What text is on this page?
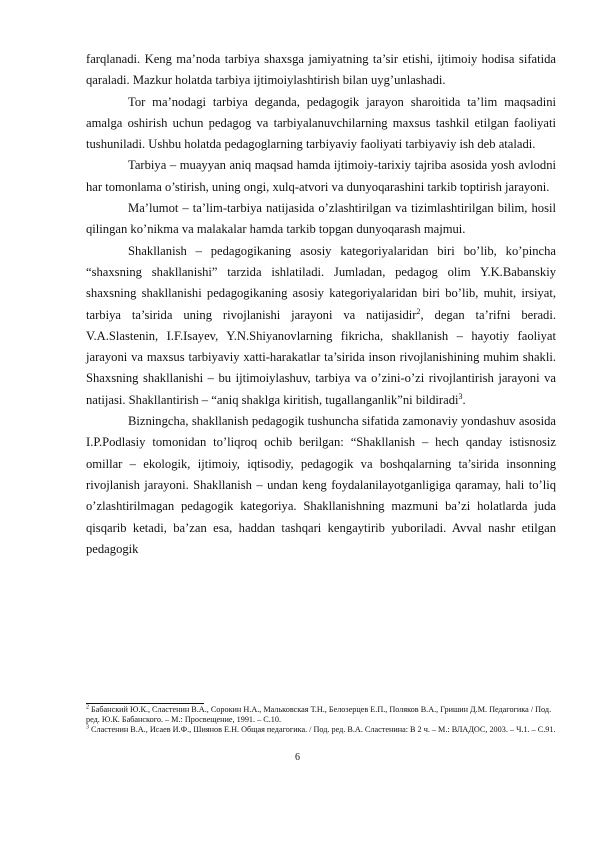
farqlanadi. Keng ma’noda tarbiya shaxsga jamiyatning ta’sir etishi, ijtimoiy hodisa sifatida qaraladi. Mazkur holatda tarbiya ijtimoiylashtirish bilan uyg’unlashadi.

Tor ma’nodagi tarbiya deganda, pedagogik jarayon sharoitida ta’lim maqsadini amalga oshirish uchun pedagog va tarbiyalanuvchilarning maxsus tashkil etilgan faoliyati tushuniladi. Ushbu holatda pedagoglarning tarbiyaviy faoliyati tarbiyaviy ish deb ataladi.

Tarbiya – muayyan aniq maqsad hamda ijtimoiy-tarixiy tajriba asosida yosh avlodni har tomonlama o’stirish, uning ongi, xulq-atvori va dunyoqarashini tarkib toptirish jarayoni.

Ma’lumot – ta’lim-tarbiya natijasida o’zlashtirilgan va tizimlashtirilgan bilim, hosil qilingan ko’nikma va malakalar hamda tarkib topgan dunyoqarash majmui.

Shakllanish – pedagogikaning asosiy kategoriyalaridan biri bo’lib, ko’pincha “shaxsning shakllanishi” tarzida ishlatiladi. Jumladan, pedagog olim Y.K.Babanskiy shaxsning shakllanishi pedagogikaning asosiy kategoriyalaridan biri bo’lib, muhit, irsiyat, tarbiya ta’sirida uning rivojlanishi jarayoni va natijasidir$^2$, degan ta’rifni beradi. V.A.Slastenin, I.F.Isayev, Y.N.Shiyanovlarning fikricha, shakllanish – hayotiy faoliyat jarayoni va maxsus tarbiyaviy xatti-harakatlar ta’sirida inson rivojlanishining muhim shakli. Shaxsning shakllanishi – bu ijtimoiylashuv, tarbiya va o’zini-o’zi rivojlantirish jarayoni va natijasi. Shakllantirish – “aniq shaklga kiritish, tugallanganlik”ni bildiradi$^3$.

Bizningcha, shakllanish pedagogik tushuncha sifatida zamonaviy yondashuv asosida I.P.Podlasiy tomonidan to’liqroq ochib berilgan: “Shakllanish – hech qanday istisnosiz omillar – ekologik, ijtimoiy, iqtisodiy, pedagogik va boshqalarning ta’sirida insonning rivojlanish jarayoni. Shakllanish – undan keng foydalanilayotganligiga qaramay, hali to’liq o’zlashtirilmagan pedagogik kategoriya. Shakllanishning mazmuni ba’zi holatlarda juda qisqarib ketadi, ba’zan esa, haddan tashqari kengaytirib yuboriladi. Avval nashr etilgan pedagogik

$^2$ Бабанский Ю.К., Сластенин В.А., Сорокин Н.А., Мальковская Т.Н., Белозерцев Е.П., Поляков В.А., Гришин Д.М. Педагогика / Под. ред. Ю.К. Бабанского. – М.: Просвещение, 1991. – С.10.

$^3$ Сластенин В.А., Исаев И.Ф., Шиянов Е.Н. Общая педагогика. / Под. ред. В.А. Сластенина: В 2 ч. – М.: ВЛАДОС, 2003. – Ч.1. – С.91.

6
